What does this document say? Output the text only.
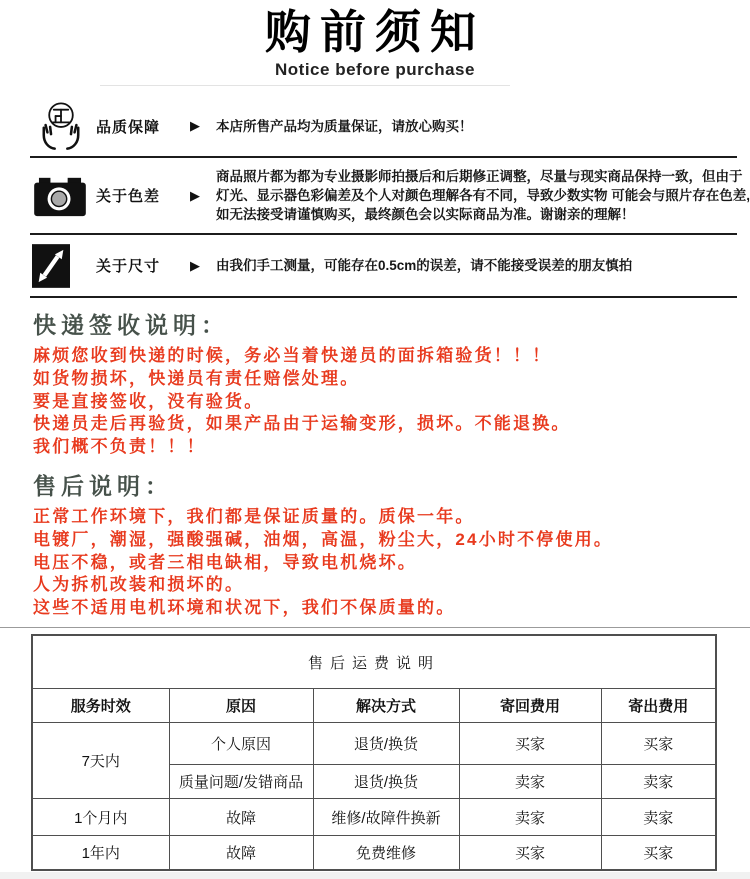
购前须知
Notice before purchase
品质保障	▶	本店所售产品均为质量保证，请放心购买！
关于色差	▶
商品照片都为都为专业摄影师拍摄后和后期修正调整，尽量与现实商品保持一致，但由于
灯光、显示器色彩偏差及个人对颜色理解各有不同，导致少数实物 可能会与照片存在色差,
如无法接受请谨慎购买，最终颜色会以实际商品为准。谢谢亲的理解！
关于尺寸	▶	由我们手工测量，可能存在0.5cm的误差，请不能接受误差的朋友慎拍
快递签收说明：
麻烦您收到快递的时候，务必当着快递员的面拆箱验货！！！
如货物损坏，快递员有责任赔偿处理。
要是直接签收，没有验货。
快递员走后再验货，如果产品由于运输变形，损坏。不能退换。
我们概不负责！！！
售后说明：
正常工作环境下，我们都是保证质量的。质保一年。
电镀厂，潮湿，强酸强碱，油烟，高温，粉尘大，24小时不停使用。
电压不稳，或者三相电缺相，导致电机烧坏。
人为拆机改装和损坏的。
这些不适用电机环境和状况下，我们不保质量的。
售后运费说明				
服务时效	原因	解决方式	寄回费用	寄出费用
7天内	个人原因	退货/换货	买家	买家
	质量问题/发错商品	退货/换货	卖家	卖家
1个月内	故障	维修/故障件换新	卖家	卖家
1年内	故障	免费维修	买家	买家
